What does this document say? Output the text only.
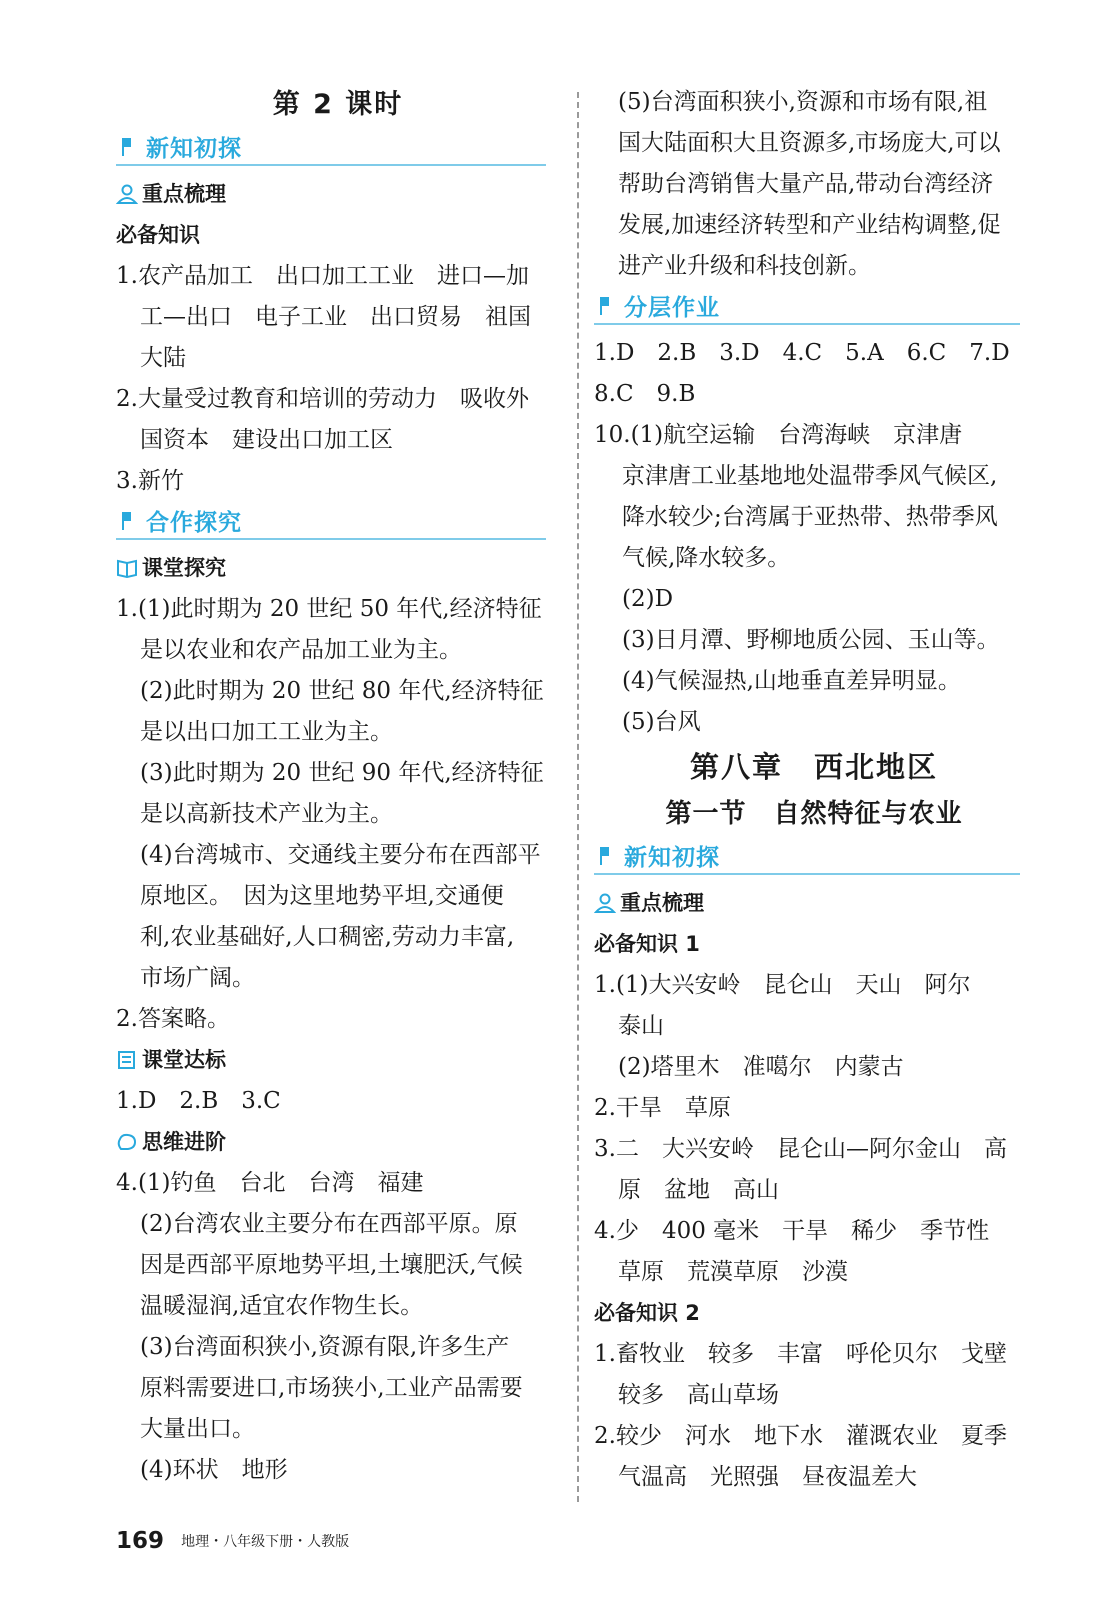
第 2 课时
新知初探
重点梳理
必备知识
1.农产品加工　出口加工工业　进口—加
工—出口　电子工业　出口贸易　祖国
大陆
2.大量受过教育和培训的劳动力　吸收外
国资本　建设出口加工区
3.新竹
合作探究
课堂探究
1.(1)此时期为 20 世纪 50 年代,经济特征
是以农业和农产品加工业为主。
(2)此时期为 20 世纪 80 年代,经济特征
是以出口加工工业为主。
(3)此时期为 20 世纪 90 年代,经济特征
是以高新技术产业为主。
(4)台湾城市、交通线主要分布在西部平
原地区。　因为这里地势平坦,交通便
利,农业基础好,人口稠密,劳动力丰富,
市场广阔。
2.答案略。
课堂达标
1.D　2.B　3.C
思维进阶
4.(1)钓鱼　台北　台湾　福建
(2)台湾农业主要分布在西部平原。原
因是西部平原地势平坦,土壤肥沃,气候
温暖湿润,适宜农作物生长。
(3)台湾面积狭小,资源有限,许多生产
原料需要进口,市场狭小,工业产品需要
大量出口。
(4)环状　地形
(5)台湾面积狭小,资源和市场有限,祖
国大陆面积大且资源多,市场庞大,可以
帮助台湾销售大量产品,带动台湾经济
发展,加速经济转型和产业结构调整,促
进产业升级和科技创新。
分层作业
1.D　2.B　3.D　4.C　5.A　6.C　7.D
8.C　9.B
10.(1)航空运输　台湾海峡　京津唐
京津唐工业基地地处温带季风气候区,
降水较少;台湾属于亚热带、热带季风
气候,降水较多。
(2)D
(3)日月潭、野柳地质公园、玉山等。
(4)气候湿热,山地垂直差异明显。
(5)台风
第八章　西北地区
第一节　自然特征与农业
新知初探
重点梳理
必备知识 1
1.(1)大兴安岭　昆仑山　天山　阿尔
泰山
(2)塔里木　准噶尔　内蒙古
2.干旱　草原
3.二　大兴安岭　昆仑山—阿尔金山　高
原　盆地　高山
4.少　400 毫米　干旱　稀少　季节性
草原　荒漠草原　沙漠
必备知识 2
1.畜牧业　较多　丰富　呼伦贝尔　戈壁
较多　高山草场
2.较少　河水　地下水　灌溉农业　夏季
气温高　光照强　昼夜温差大
169 地理・八年级下册・人教版
